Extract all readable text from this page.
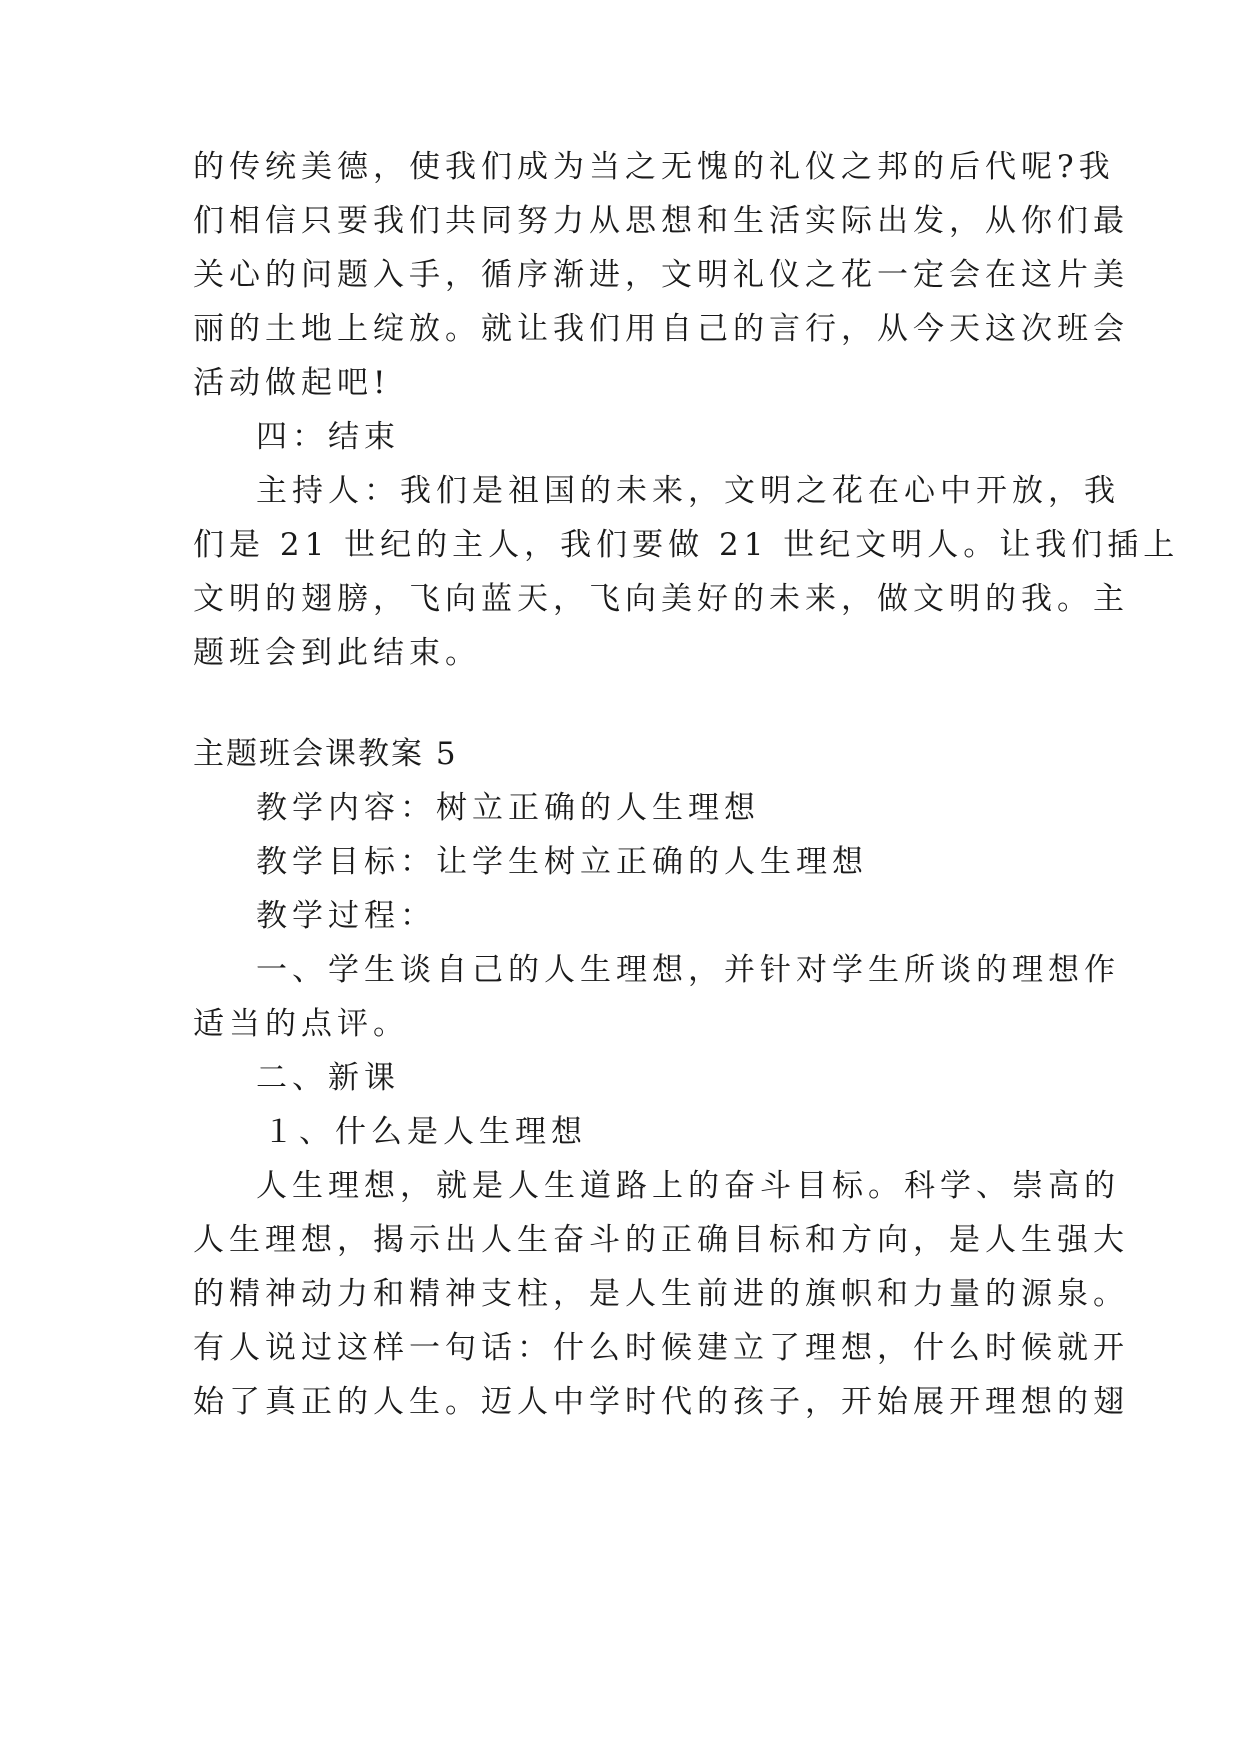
的传统美德，使我们成为当之无愧的礼仪之邦的后代呢?我
们相信只要我们共同努力从思想和生活实际出发，从你们最
关心的问题入手，循序渐进，文明礼仪之花一定会在这片美
丽的土地上绽放。就让我们用自己的言行，从今天这次班会
活动做起吧!
四：结束
主持人：我们是祖国的未来，文明之花在心中开放，我
们是 21 世纪的主人，我们要做 21 世纪文明人。让我们插上
文明的翅膀，飞向蓝天，飞向美好的未来，做文明的我。主
题班会到此结束。
主题班会课教案 5
教学内容：树立正确的人生理想
教学目标：让学生树立正确的人生理想
教学过程：
一、学生谈自己的人生理想，并针对学生所谈的理想作
适当的点评。
二、新课
１、什么是人生理想
人生理想，就是人生道路上的奋斗目标。科学、崇高的
人生理想，揭示出人生奋斗的正确目标和方向，是人生强大
的精神动力和精神支柱，是人生前进的旗帜和力量的源泉。
有人说过这样一句话：什么时候建立了理想，什么时候就开
始了真正的人生。迈人中学时代的孩子，开始展开理想的翅
